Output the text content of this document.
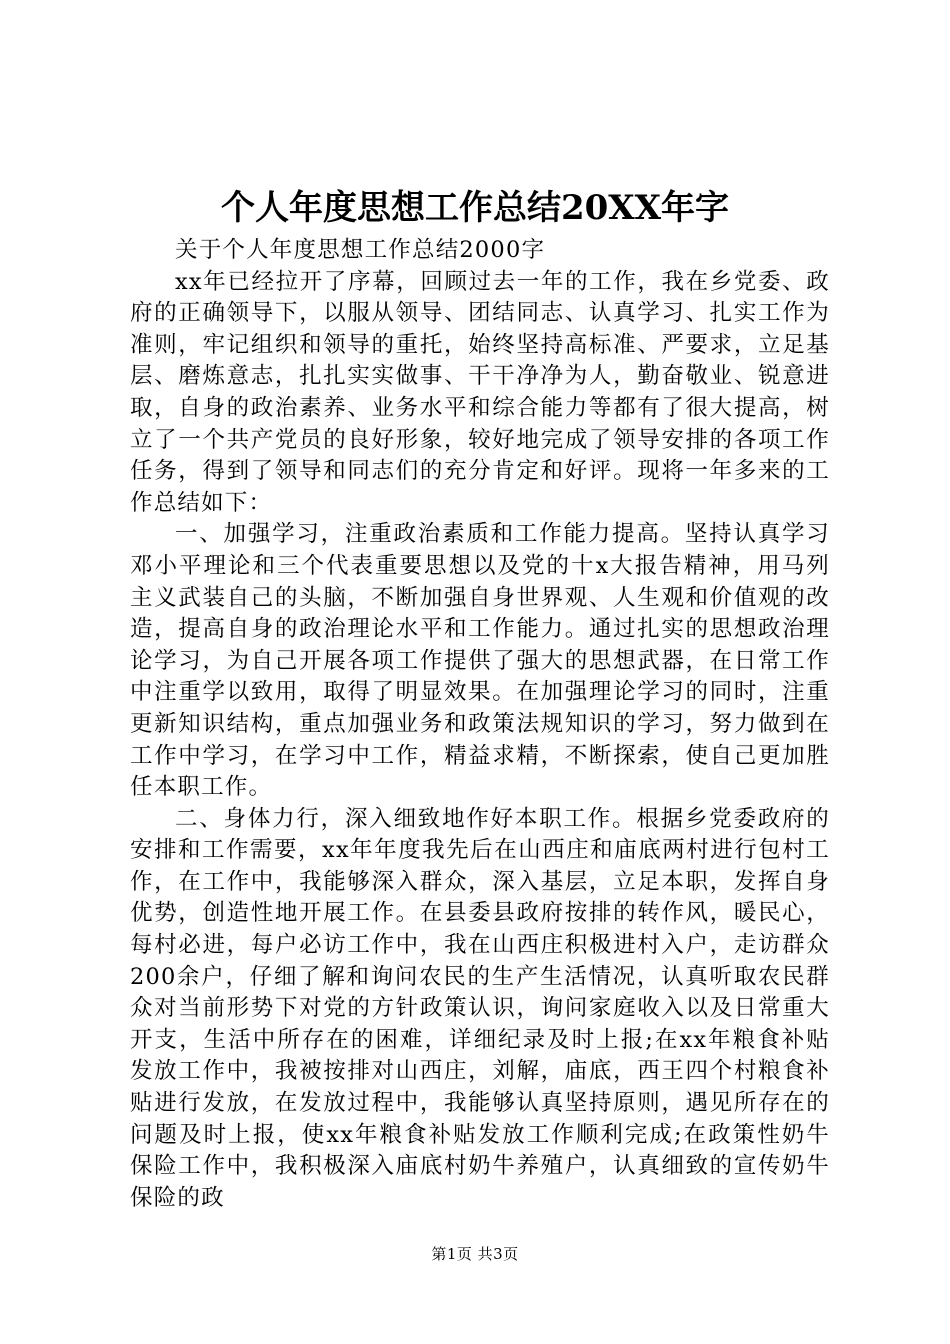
个人年度思想工作总结20XX年字

关于个人年度思想工作总结2000字

xx年已经拉开了序幕，回顾过去一年的工作，我在乡党委、政府的正确领导下，以服从领导、团结同志、认真学习、扎实工作为准则，牢记组织和领导的重托，始终坚持高标准、严要求，立足基层、磨炼意志，扎扎实实做事、干干净净为人，勤奋敬业、锐意进取，自身的政治素养、业务水平和综合能力等都有了很大提高，树立了一个共产党员的良好形象，较好地完成了领导安排的各项工作任务，得到了领导和同志们的充分肯定和好评。现将一年多来的工作总结如下：

一、加强学习，注重政治素质和工作能力提高。坚持认真学习邓小平理论和三个代表重要思想以及党的十x大报告精神，用马列主义武装自己的头脑，不断加强自身世界观、人生观和价值观的改造，提高自身的政治理论水平和工作能力。通过扎实的思想政治理论学习，为自己开展各项工作提供了强大的思想武器，在日常工作中注重学以致用，取得了明显效果。在加强理论学习的同时，注重更新知识结构，重点加强业务和政策法规知识的学习，努力做到在工作中学习，在学习中工作，精益求精，不断探索，使自己更加胜任本职工作。

二、身体力行，深入细致地作好本职工作。根据乡党委政府的安排和工作需要，xx年年度我先后在山西庄和庙底两村进行包村工作，在工作中，我能够深入群众，深入基层，立足本职，发挥自身优势，创造性地开展工作。在县委县政府按排的转作风，暖民心，每村必进，每户必访工作中，我在山西庄积极进村入户，走访群众200余户，仔细了解和询问农民的生产生活情况，认真听取农民群众对当前形势下对党的方针政策认识，询问家庭收入以及日常重大开支，生活中所存在的困难，详细纪录及时上报;在xx年粮食补贴发放工作中，我被按排对山西庄，刘解，庙底，西王四个村粮食补贴进行发放，在发放过程中，我能够认真坚持原则，遇见所存在的问题及时上报，使xx年粮食补贴发放工作顺利完成;在政策性奶牛保险工作中，我积极深入庙底村奶牛养殖户，认真细致的宣传奶牛保险的政

第1页 共3页
